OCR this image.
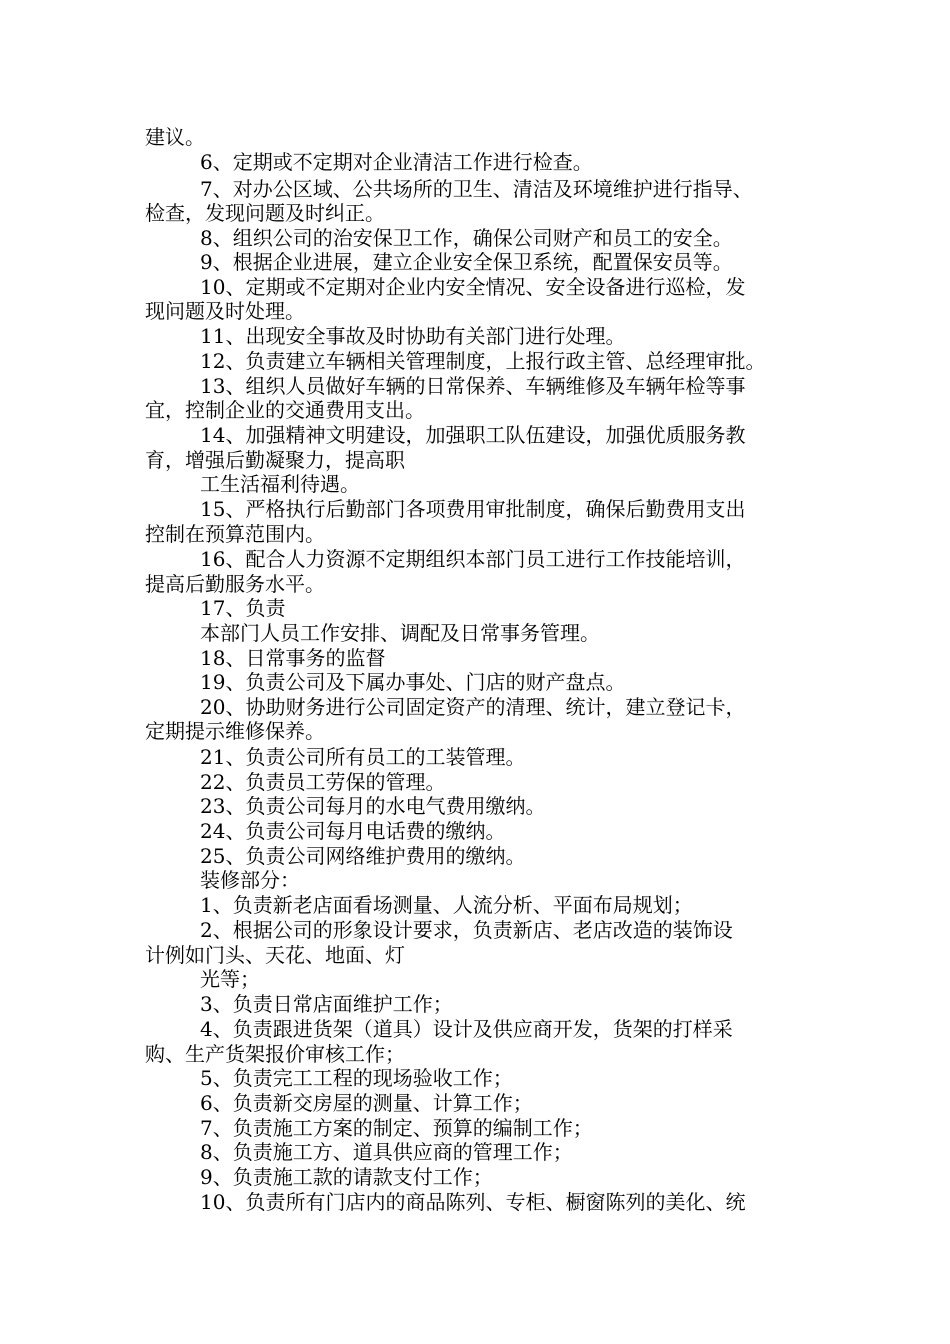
建议。
6、定期或不定期对企业清洁工作进行检查。
7、对办公区域、公共场所的卫生、清洁及环境维护进行指导、
检查，发现问题及时纠正。
8、组织公司的治安保卫工作，确保公司财产和员工的安全。
9、根据企业进展，建立企业安全保卫系统，配置保安员等。
10、定期或不定期对企业内安全情况、安全设备进行巡检，发
现问题及时处理。
11、出现安全事故及时协助有关部门进行处理。
12、负责建立车辆相关管理制度，上报行政主管、总经理审批。
13、组织人员做好车辆的日常保养、车辆维修及车辆年检等事
宜，控制企业的交通费用支出。
14、加强精神文明建设，加强职工队伍建设，加强优质服务教
育，增强后勤凝聚力，提高职
工生活福利待遇。
15、严格执行后勤部门各项费用审批制度，确保后勤费用支出
控制在预算范围内。
16、配合人力资源不定期组织本部门员工进行工作技能培训，
提高后勤服务水平。
17、负责
本部门人员工作安排、调配及日常事务管理。
18、日常事务的监督
19、负责公司及下属办事处、门店的财产盘点。
20、协助财务进行公司固定资产的清理、统计，建立登记卡，
定期提示维修保养。
21、负责公司所有员工的工装管理。
22、负责员工劳保的管理。
23、负责公司每月的水电气费用缴纳。
24、负责公司每月电话费的缴纳。
25、负责公司网络维护费用的缴纳。
装修部分：
1、负责新老店面看场测量、人流分析、平面布局规划；
2、根据公司的形象设计要求，负责新店、老店改造的装饰设
计例如门头、天花、地面、灯
光等；
3、负责日常店面维护工作；
4、负责跟进货架（道具）设计及供应商开发，货架的打样采
购、生产货架报价审核工作；
5、负责完工工程的现场验收工作；
6、负责新交房屋的测量、计算工作；
7、负责施工方案的制定、预算的编制工作；
8、负责施工方、道具供应商的管理工作；
9、负责施工款的请款支付工作；
10、负责所有门店内的商品陈列、专柜、橱窗陈列的美化、统
